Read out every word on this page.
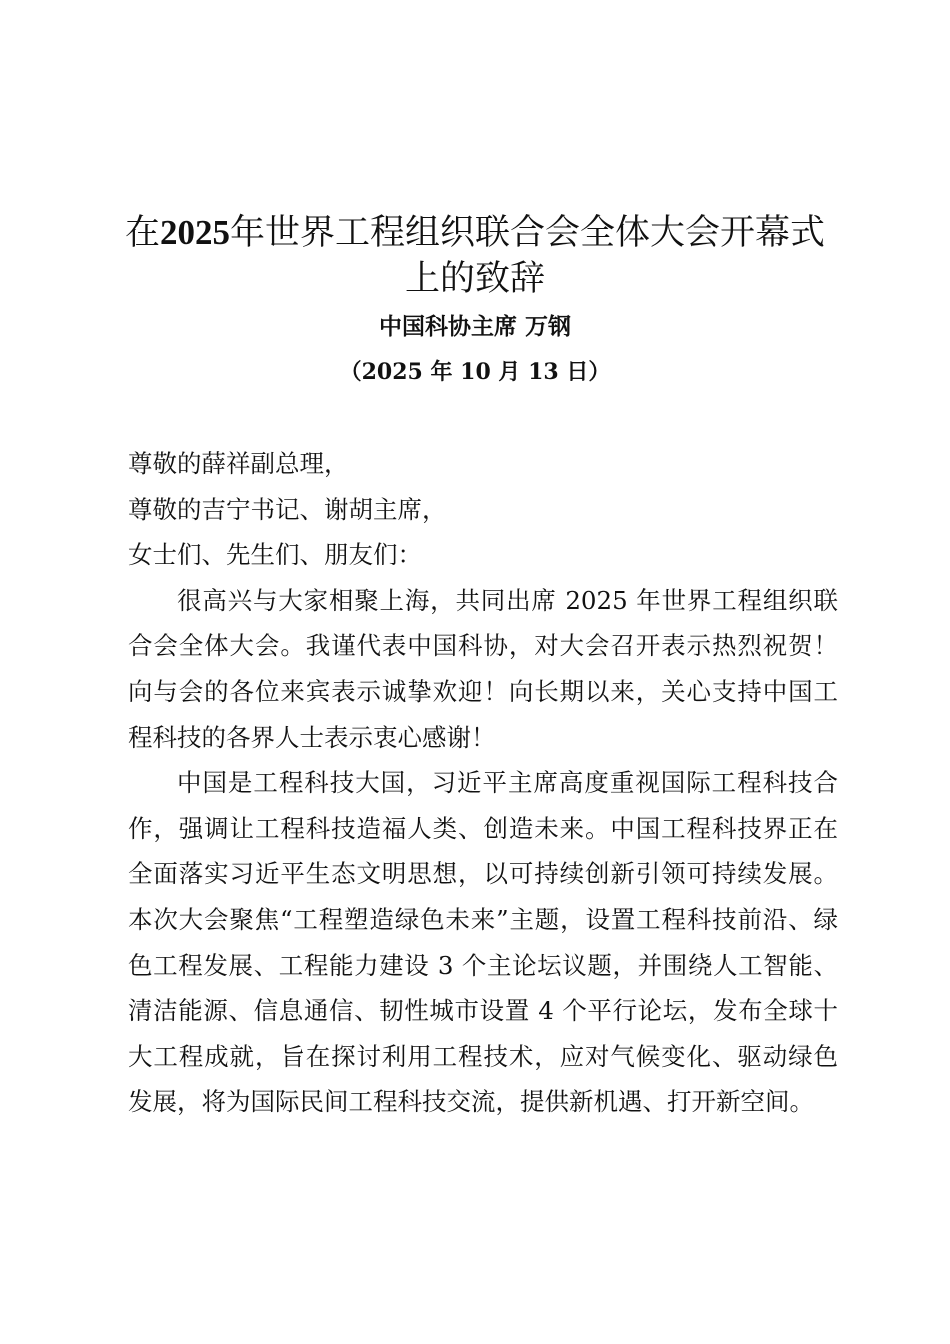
在2025年世界工程组织联合会全体大会开幕式上的致辞

中国科协主席 万钢

（2025 年 10 月 13 日）

尊敬的薛祥副总理，

尊敬的吉宁书记、谢胡主席，

女士们、先生们、朋友们：

很高兴与大家相聚上海，共同出席 2025 年世界工程组织联合会全体大会。我谨代表中国科协，对大会召开表示热烈祝贺！向与会的各位来宾表示诚挚欢迎！向长期以来，关心支持中国工程科技的各界人士表示衷心感谢！

中国是工程科技大国，习近平主席高度重视国际工程科技合作，强调让工程科技造福人类、创造未来。中国工程科技界正在全面落实习近平生态文明思想，以可持续创新引领可持续发展。本次大会聚焦“工程塑造绿色未来”主题，设置工程科技前沿、绿色工程发展、工程能力建设 3 个主论坛议题，并围绕人工智能、清洁能源、信息通信、韧性城市设置 4 个平行论坛，发布全球十大工程成就，旨在探讨利用工程技术，应对气候变化、驱动绿色发展，将为国际民间工程科技交流，提供新机遇、打开新空间。
